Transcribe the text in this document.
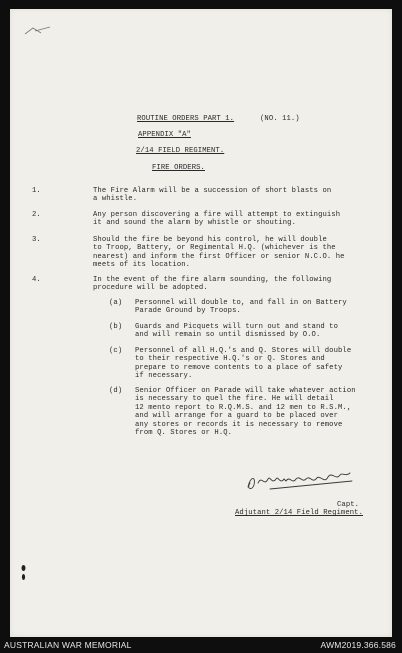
ROUTINE ORDERS PART 1.	(NO. 11.)
APPENDIX "A"
2/14 FIELD REGIMENT.
FIRE ORDERS.
1.	The Fire Alarm will be a succession of short blasts on
a whistle.
2.	Any person discovering a fire will attempt to extinguish
it and sound the alarm by whistle or shouting.
3.	Should the fire be beyond his control, he will double
to Troop, Battery, or Regimental H.Q. (whichever is the
nearest) and inform the first Officer or senior N.C.O. he
meets of its location.
4.	In the event of the fire alarm sounding, the following
procedure will be adopted.
(a) Personnel will double to, and fall in on Battery
Parade Ground by Troops.
(b) Guards and Picquets will turn out and stand to
and will remain so until dismissed by O.O.
(c) Personnel of all H.Q.'s and Q. Stores will double
to their respective H.Q.'s or Q. Stores and
prepare to remove contents to a place of safety
if necessary.
(d) Senior Officer on Parade will take whatever action
is necessary to quel the fire. He will detail
12 mento report to R.Q.M.S. and 12 men to R.S.M.,
and will arrange for a guard to be placed over
any stores or records it is necessary to remove
from Q. Stores or H.Q.
Capt.
Adjutant 2/14 Field Regiment.
AUSTRALIAN WAR MEMORIAL	AWM2019.366.586
